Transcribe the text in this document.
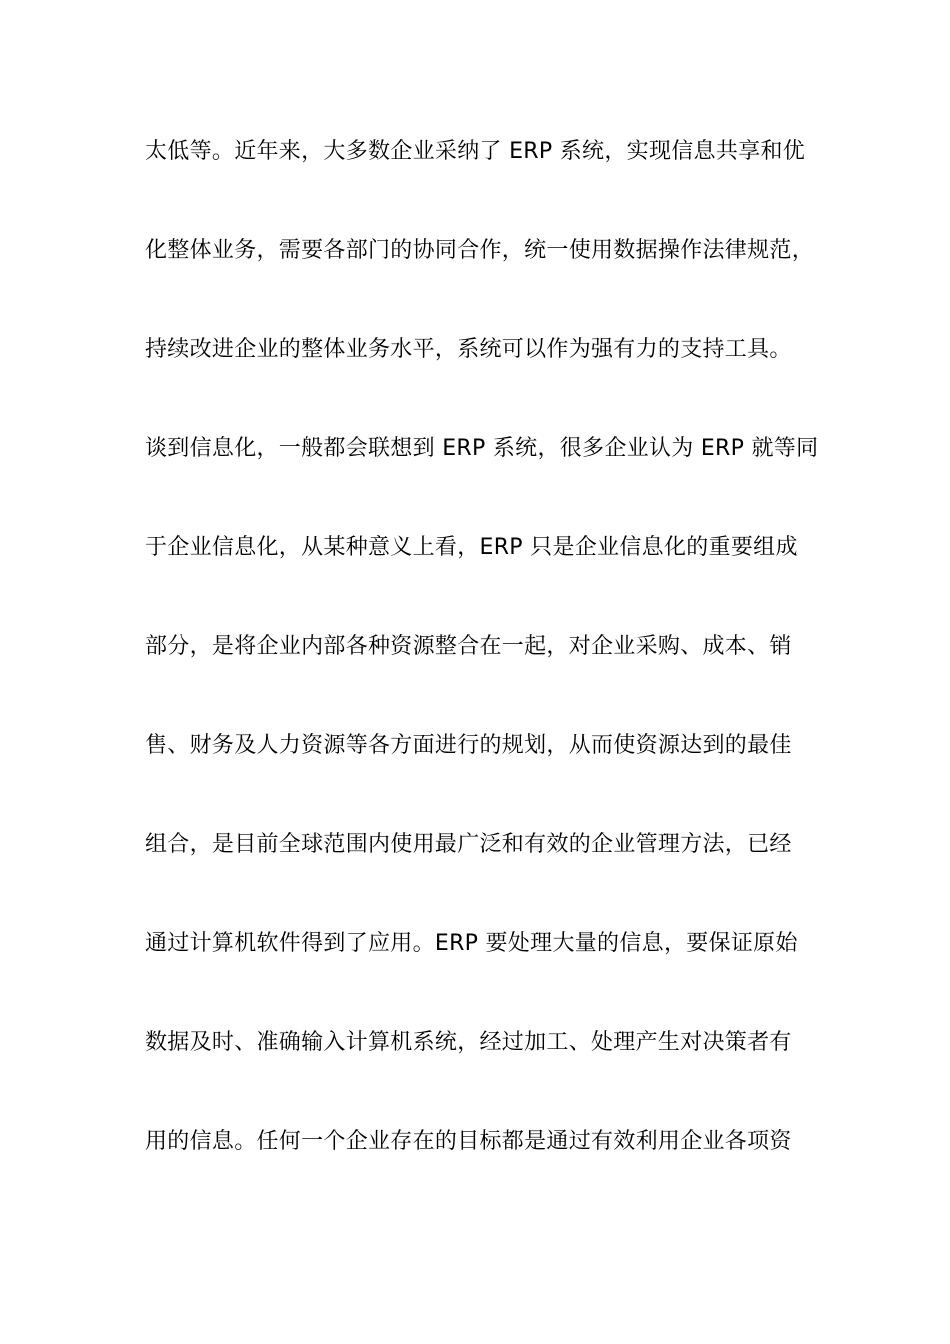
太低等。近年来，大多数企业采纳了 ERP 系统，实现信息共享和优
化整体业务，需要各部门的协同合作，统一使用数据操作法律规范，
持续改进企业的整体业务水平，系统可以作为强有力的支持工具。
谈到信息化，一般都会联想到 ERP 系统，很多企业认为 ERP 就等同
于企业信息化，从某种意义上看，ERP 只是企业信息化的重要组成
部分，是将企业内部各种资源整合在一起，对企业采购、成本、销
售、财务及人力资源等各方面进行的规划，从而使资源达到的最佳
组合，是目前全球范围内使用最广泛和有效的企业管理方法，已经
通过计算机软件得到了应用。ERP 要处理大量的信息，要保证原始
数据及时、准确输入计算机系统，经过加工、处理产生对决策者有
用的信息。任何一个企业存在的目标都是通过有效利用企业各项资
